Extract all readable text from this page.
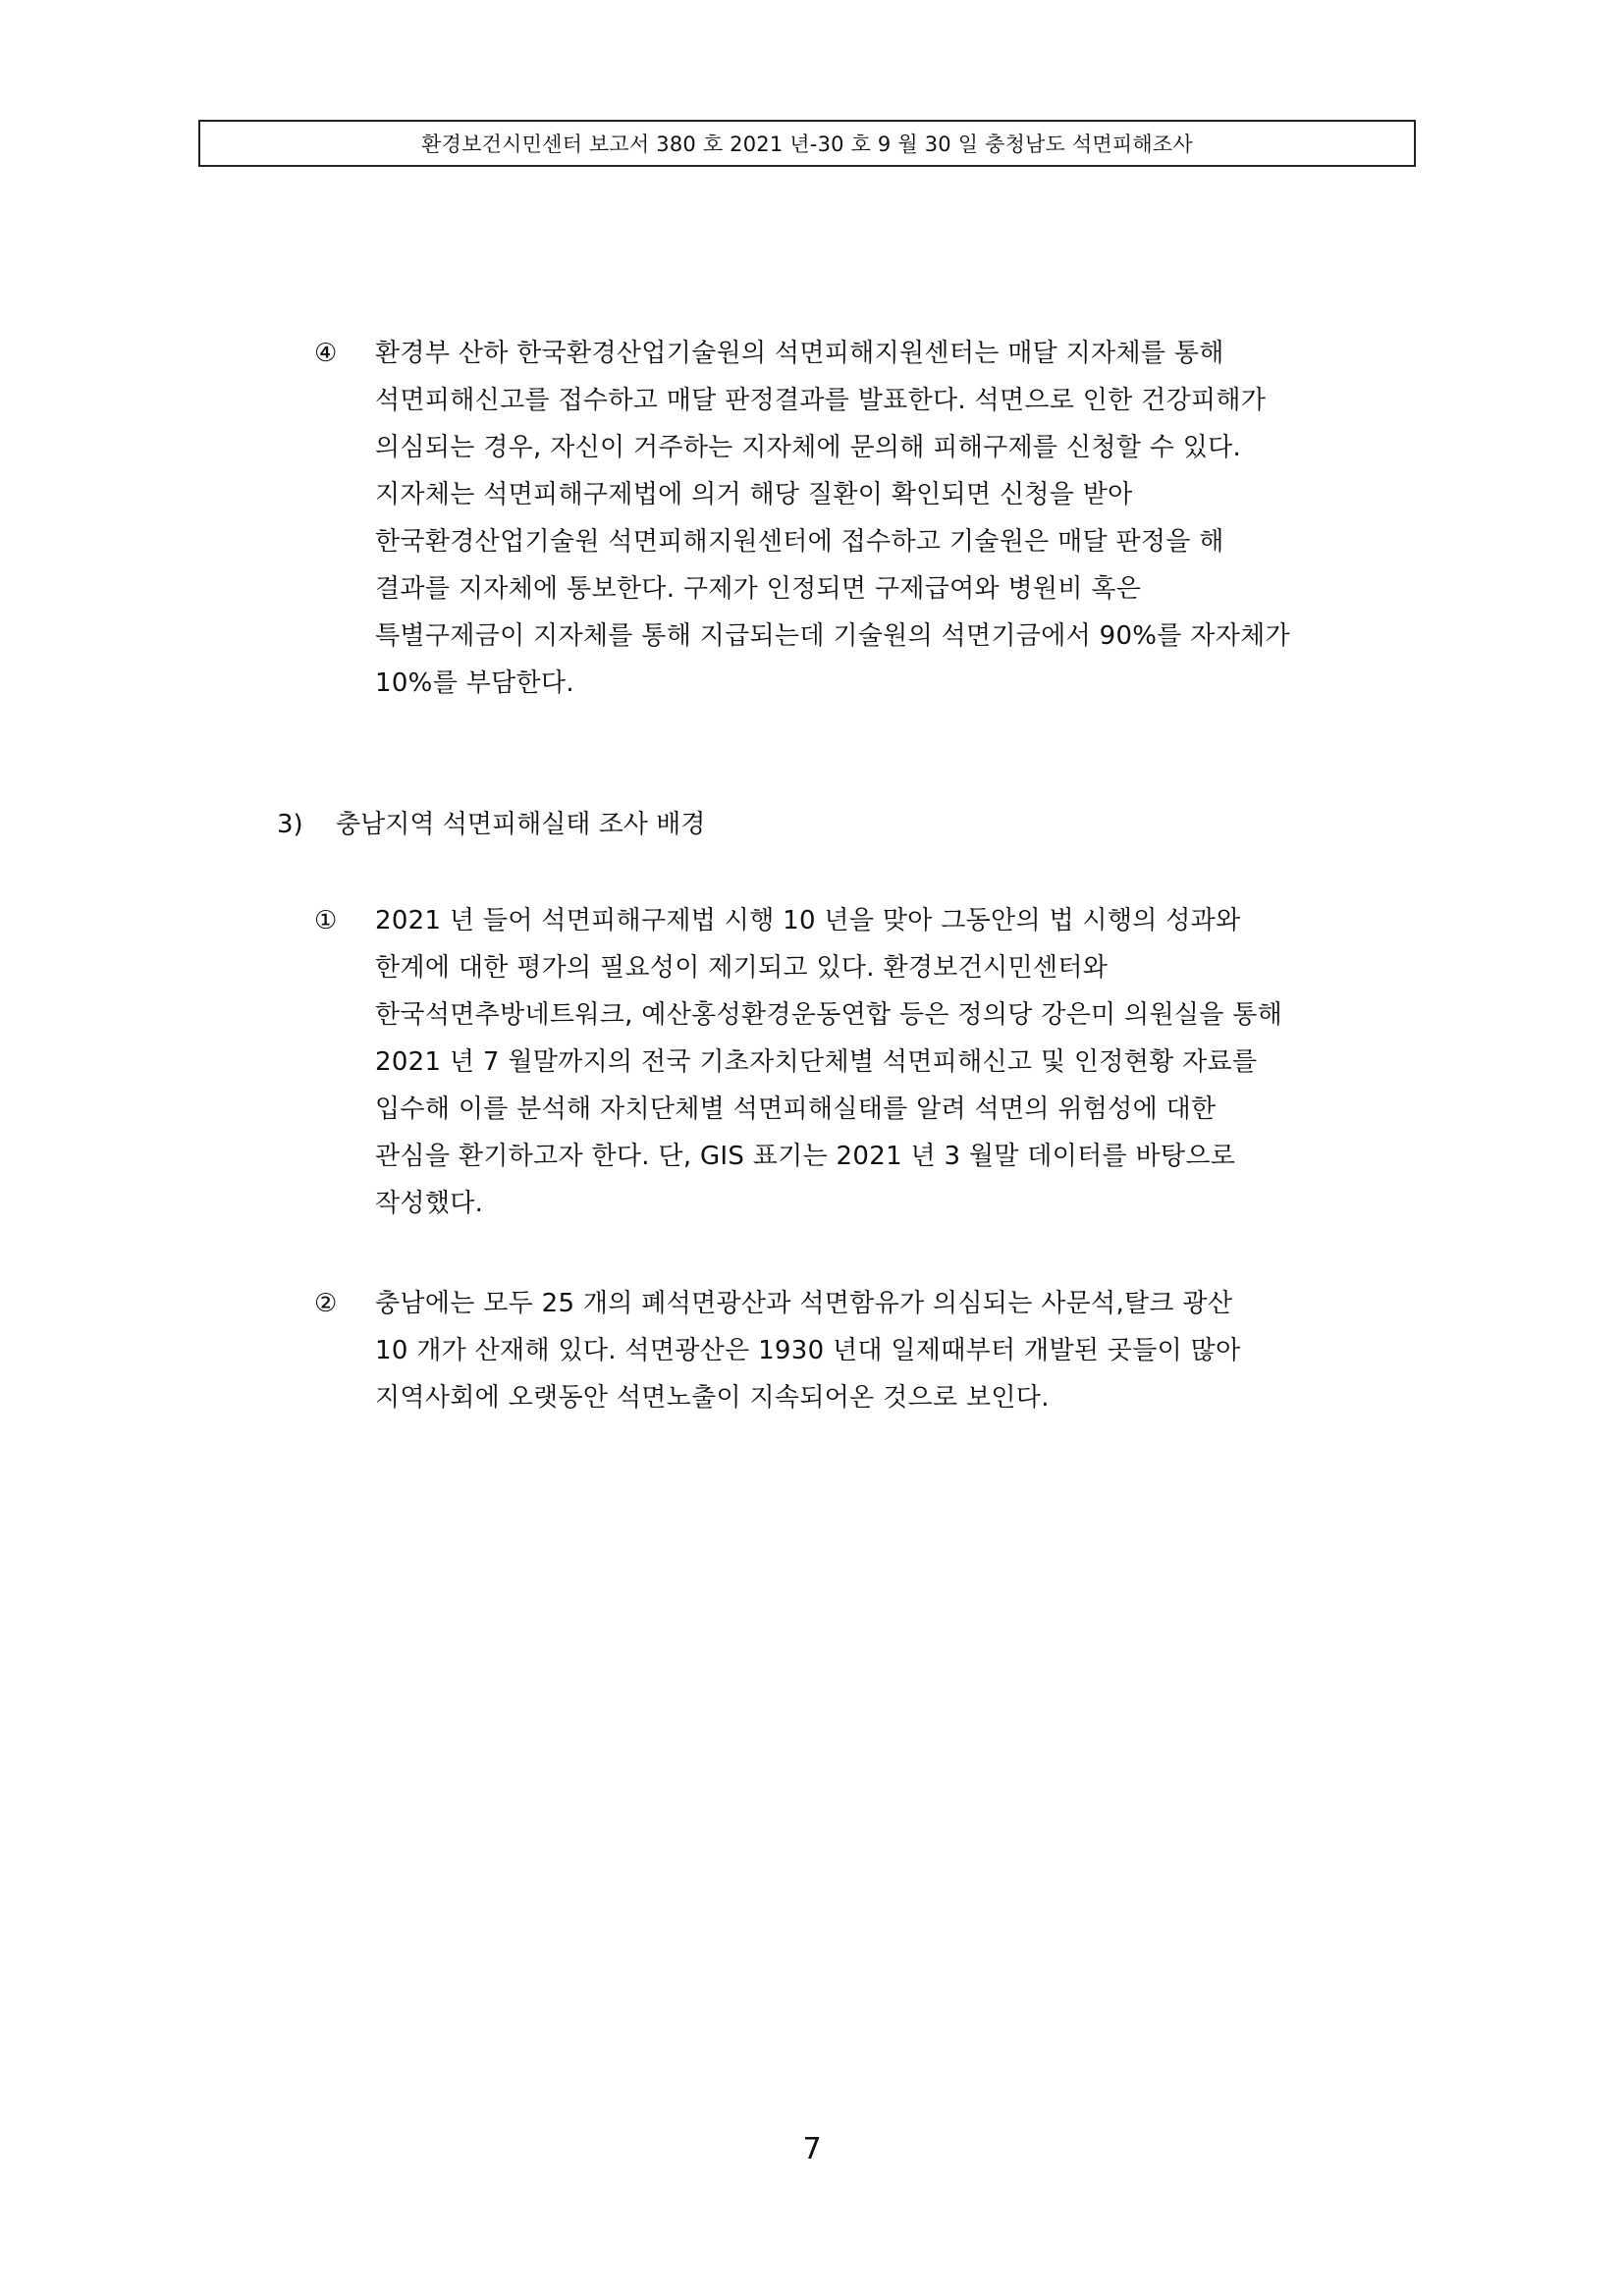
환경보건시민센터 보고서 380 호 2021 년-30 호 9 월 30 일 충청남도 석면피해조사
④ 환경부 산하 한국환경산업기술원의 석면피해지원센터는 매달 지자체를 통해
석면피해신고를 접수하고 매달 판정결과를 발표한다. 석면으로 인한 건강피해가
의심되는 경우, 자신이 거주하는 지자체에 문의해 피해구제를 신청할 수 있다.
지자체는 석면피해구제법에 의거 해당 질환이 확인되면 신청을 받아
한국환경산업기술원 석면피해지원센터에 접수하고 기술원은 매달 판정을 해
결과를 지자체에 통보한다. 구제가 인정되면 구제급여와 병원비 혹은
특별구제금이 지자체를 통해 지급되는데 기술원의 석면기금에서 90%를 자자체가
10%를 부담한다.
3) 충남지역 석면피해실태 조사 배경
① 2021 년 들어 석면피해구제법 시행 10 년을 맞아 그동안의 법 시행의 성과와
한계에 대한 평가의 필요성이 제기되고 있다. 환경보건시민센터와
한국석면추방네트워크, 예산홍성환경운동연합 등은 정의당 강은미 의원실을 통해
2021 년 7 월말까지의 전국 기초자치단체별 석면피해신고 및 인정현황 자료를
입수해 이를 분석해 자치단체별 석면피해실태를 알려 석면의 위험성에 대한
관심을 환기하고자 한다. 단, GIS 표기는 2021 년 3 월말 데이터를 바탕으로
작성했다.
② 충남에는 모두 25 개의 폐석면광산과 석면함유가 의심되는 사문석,탈크 광산
10 개가 산재해 있다. 석면광산은 1930 년대 일제때부터 개발된 곳들이 많아
지역사회에 오랫동안 석면노출이 지속되어온 것으로 보인다.
7
